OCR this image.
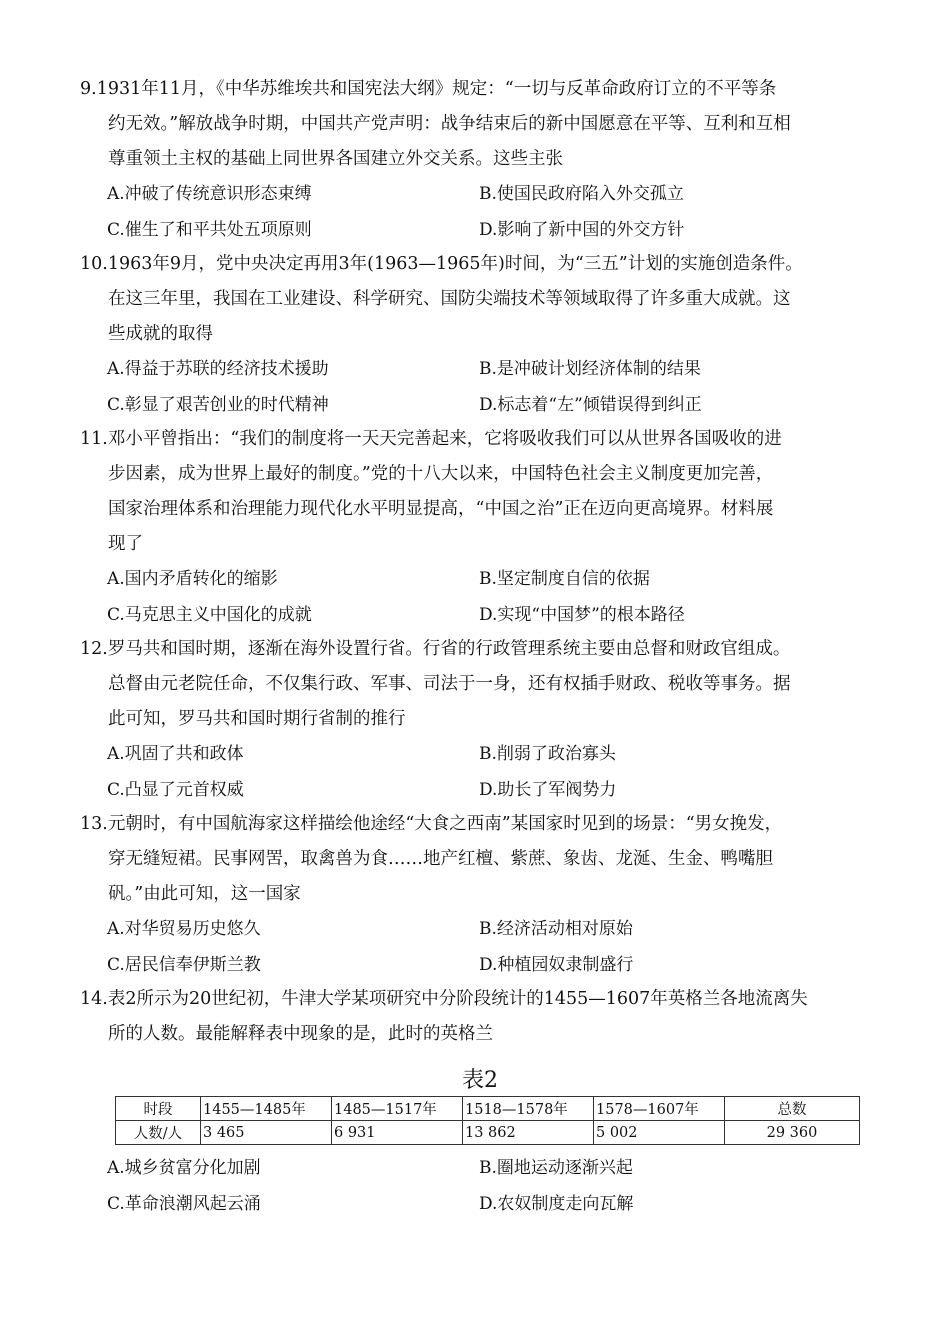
9.1931年11月，《中华苏维埃共和国宪法大纲》规定：“一切与反革命政府订立的不平等条
约无效。”解放战争时期，中国共产党声明：战争结束后的新中国愿意在平等、互利和互相
尊重领土主权的基础上同世界各国建立外交关系。这些主张

A.冲破了传统意识形态束缚	B.使国民政府陷入外交孤立
C.催生了和平共处五项原则	D.影响了新中国的外交方针

10.1963年9月，党中央决定再用3年(1963—1965年)时间，为“三五”计划的实施创造条件。
在这三年里，我国在工业建设、科学研究、国防尖端技术等领域取得了许多重大成就。这
些成就的取得

A.得益于苏联的经济技术援助	B.是冲破计划经济体制的结果
C.彰显了艰苦创业的时代精神	D.标志着“左”倾错误得到纠正

11.邓小平曾指出：“我们的制度将一天天完善起来，它将吸收我们可以从世界各国吸收的进
步因素，成为世界上最好的制度。”党的十八大以来，中国特色社会主义制度更加完善，
国家治理体系和治理能力现代化水平明显提高，“中国之治”正在迈向更高境界。材料展
现了

A.国内矛盾转化的缩影	B.坚定制度自信的依据
C.马克思主义中国化的成就	D.实现“中国梦”的根本路径

12.罗马共和国时期，逐渐在海外设置行省。行省的行政管理系统主要由总督和财政官组成。
总督由元老院任命，不仅集行政、军事、司法于一身，还有权插手财政、税收等事务。据
此可知，罗马共和国时期行省制的推行

A.巩固了共和政体	B.削弱了政治寡头
C.凸显了元首权威	D.助长了军阀势力

13.元朝时，有中国航海家这样描绘他途经“大食之西南”某国家时见到的场景：“男女挽发，
穿无缝短裙。民事网罟，取禽兽为食……地产红檀、紫蔗、象齿、龙涎、生金、鸭嘴胆
矾。”由此可知，这一国家

A.对华贸易历史悠久	B.经济活动相对原始
C.居民信奉伊斯兰教	D.种植园奴隶制盛行

14.表2所示为20世纪初，牛津大学某项研究中分阶段统计的1455—1607年英格兰各地流离失
所的人数。最能解释表中现象的是，此时的英格兰

表2

时段	1455—1485年	1485—1517年	1518—1578年	1578—1607年	总数
人数/人	3 465	6 931	13 862	5 002	29 360
A.城乡贫富分化加剧	B.圈地运动逐渐兴起
C.革命浪潮风起云涌	D.农奴制度走向瓦解
